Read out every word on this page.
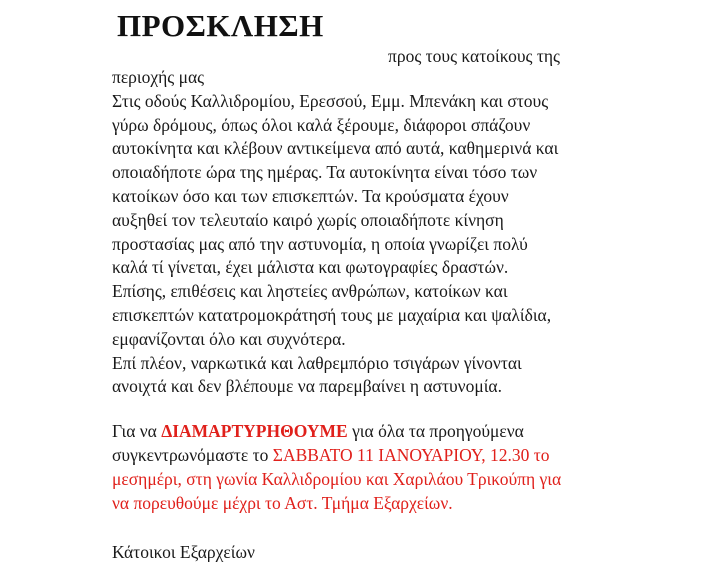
ΠΡΟΣΚΛΗΣΗ
προς τους κατοίκους της
περιοχής μας
Στις οδούς Καλλιδρομίου, Ερεσσού, Εμμ. Μπενάκη και στους
γύρω δρόμους, όπως όλοι καλά ξέρουμε, διάφοροι σπάζουν
αυτοκίνητα και κλέβουν αντικείμενα από αυτά, καθημερινά και
οποιαδήποτε ώρα της ημέρας. Τα αυτοκίνητα είναι τόσο των
κατοίκων όσο και των επισκεπτών. Τα κρούσματα έχουν
αυξηθεί τον τελευταίο καιρό χωρίς οποιαδήποτε κίνηση
προστασίας μας από την αστυνομία, η οποία γνωρίζει πολύ
καλά τί γίνεται, έχει μάλιστα και φωτογραφίες δραστών.
Επίσης, επιθέσεις και ληστείες ανθρώπων, κατοίκων και
επισκεπτών κατατρομοκράτησή τους με μαχαίρια και ψαλίδια,
εμφανίζονται όλο και συχνότερα.
Επί πλέον, ναρκωτικά και λαθρεμπόριο τσιγάρων γίνονται
ανοιχτά και δεν βλέπουμε να παρεμβαίνει η αστυνομία.
Για να ΔΙΑΜΑΡΤΥΡΗΘΟΥΜΕ για όλα τα προηγούμενα
συγκεντρωνόμαστε το ΣΑΒΒΑΤΟ 11 ΙΑΝΟΥΑΡΙΟΥ, 12.30 το
μεσημέρι, στη γωνία Καλλιδρομίου και Χαριλάου Τρικούπη για
να πορευθούμε μέχρι το Αστ. Τμήμα Εξαρχείων.
Κάτοικοι Εξαρχείων
